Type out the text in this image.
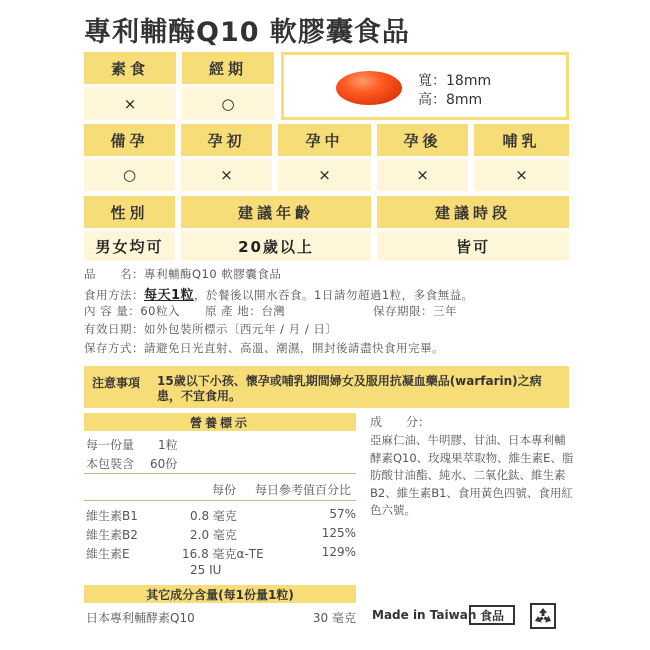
專利輔酶Q10 軟膠囊食品
素食	經期
×	○
寬：18mm
高：8mm
備孕	孕初	孕中	孕後	哺乳
○	×	×	×	×
性別	建議年齡	建議時段
男女均可	20歲以上	皆可
品　　名：專利輔酶Q10 軟膠囊食品
食用方法：每天1粒，於餐後以開水吞食。1日請勿超過1粒，多食無益。
內 容 量：60粒入 原 產 地：台灣	保存期限：三年
有效日期：如外包裝所標示〔西元年 / 月 / 日〕
保存方式：請避免日光直射、高溫、潮濕，開封後請盡快食用完畢。
注意事項 15歲以下小孩、懷孕或哺乳期間婦女及服用抗凝血藥品(warfarin)之病患，不宜食用。
營養標示
每一份量 1粒
本包裝含 60份
每份 每日參考值百分比
維生素B1	0.8 毫克	57%
維生素B2	2.0 毫克	125%
維生素E	16.8 毫克α-TE	129%
25 IU
成　　分：
亞麻仁油、牛明膠、甘油、日本專利輔酵素Q10、玫瑰果萃取物、維生素E、脂肪酸甘油酯、純水、二氧化鈦、維生素B2、維生素B1、食用黃色四號、食用紅色六號。
其它成分含量(每1份量1粒)
日本專利輔酵素Q10	30 毫克 Made in Taiwan 食品
